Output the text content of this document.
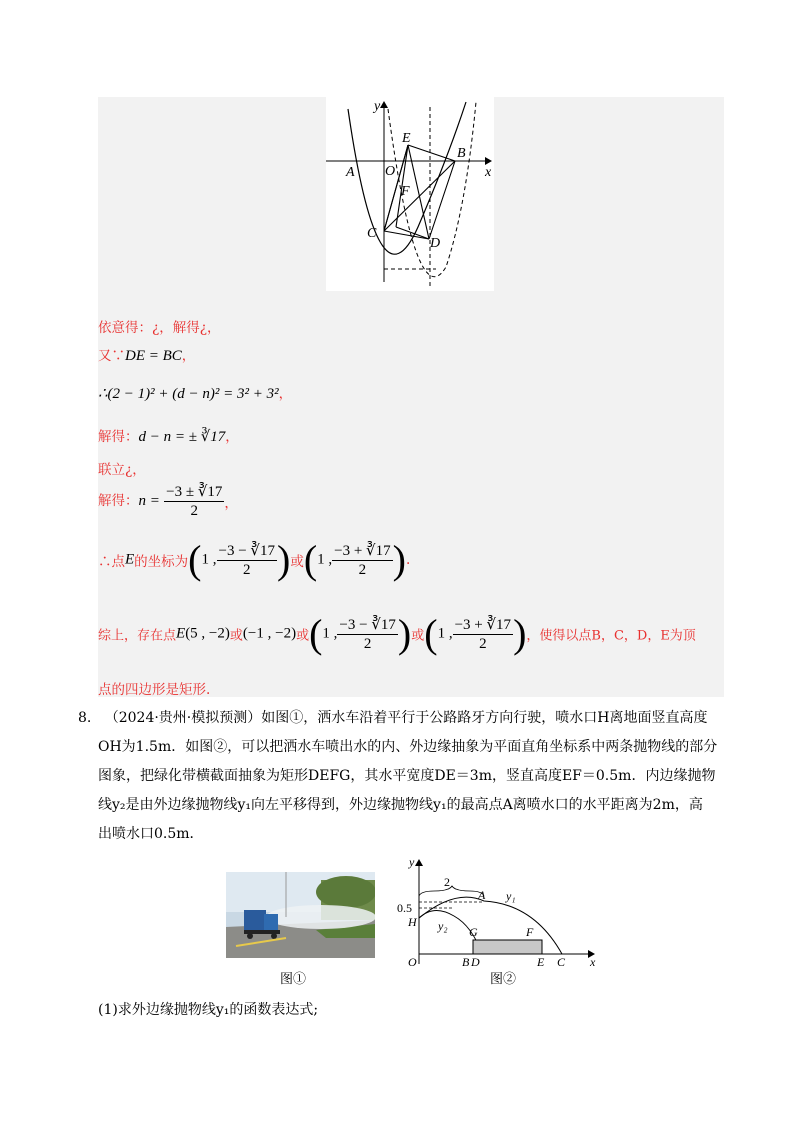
y
x
E
B
A O
F
C
D
依意得：¿，解得¿，
又∵DE = BC，
∴(2 − 1)² + (d − n)² = 3² + 3²，
解得：d − n = ± ∛17，
联立¿，
解得：$n = \frac{-3 \pm ∛17}{2}$ ，
∴点E的坐标为(1 , $\frac{-3 - ∛17}{2}$ )或(1 , $\frac{-3 + ∛17}{2}$ ).
综上，存在点E(5 , −2)或(−1 , −2)或(1 , $\frac{-3 - ∛17}{2}$ )或(1 , $\frac{-3 + ∛17}{2}$ )，使得以点B，C，D，E为顶
点的四边形是矩形.
8. （2024·贵州·模拟预测）如图①，洒水车沿着平行于公路路牙方向行驶，喷水口H离地面竖直高度
OH为1.5m．如图②，可以把洒水车喷出水的内、外边缘抽象为平面直角坐标系中两条抛物线的部分
图象，把绿化带横截面抽象为矩形DEFG，其水平宽度DE＝3m，竖直高度EF＝0.5m．内边缘抛物
线y₂是由外边缘抛物线y₁向左平移得到，外边缘抛物线y₁的最高点A离喷水口的水平距离为2m，高
出喷水口0.5m．
图①
y
x
2
A y₁
0.5
y₂
H
G	F
O	B D	E C
图②
(1)求外边缘抛物线y₁的函数表达式;
